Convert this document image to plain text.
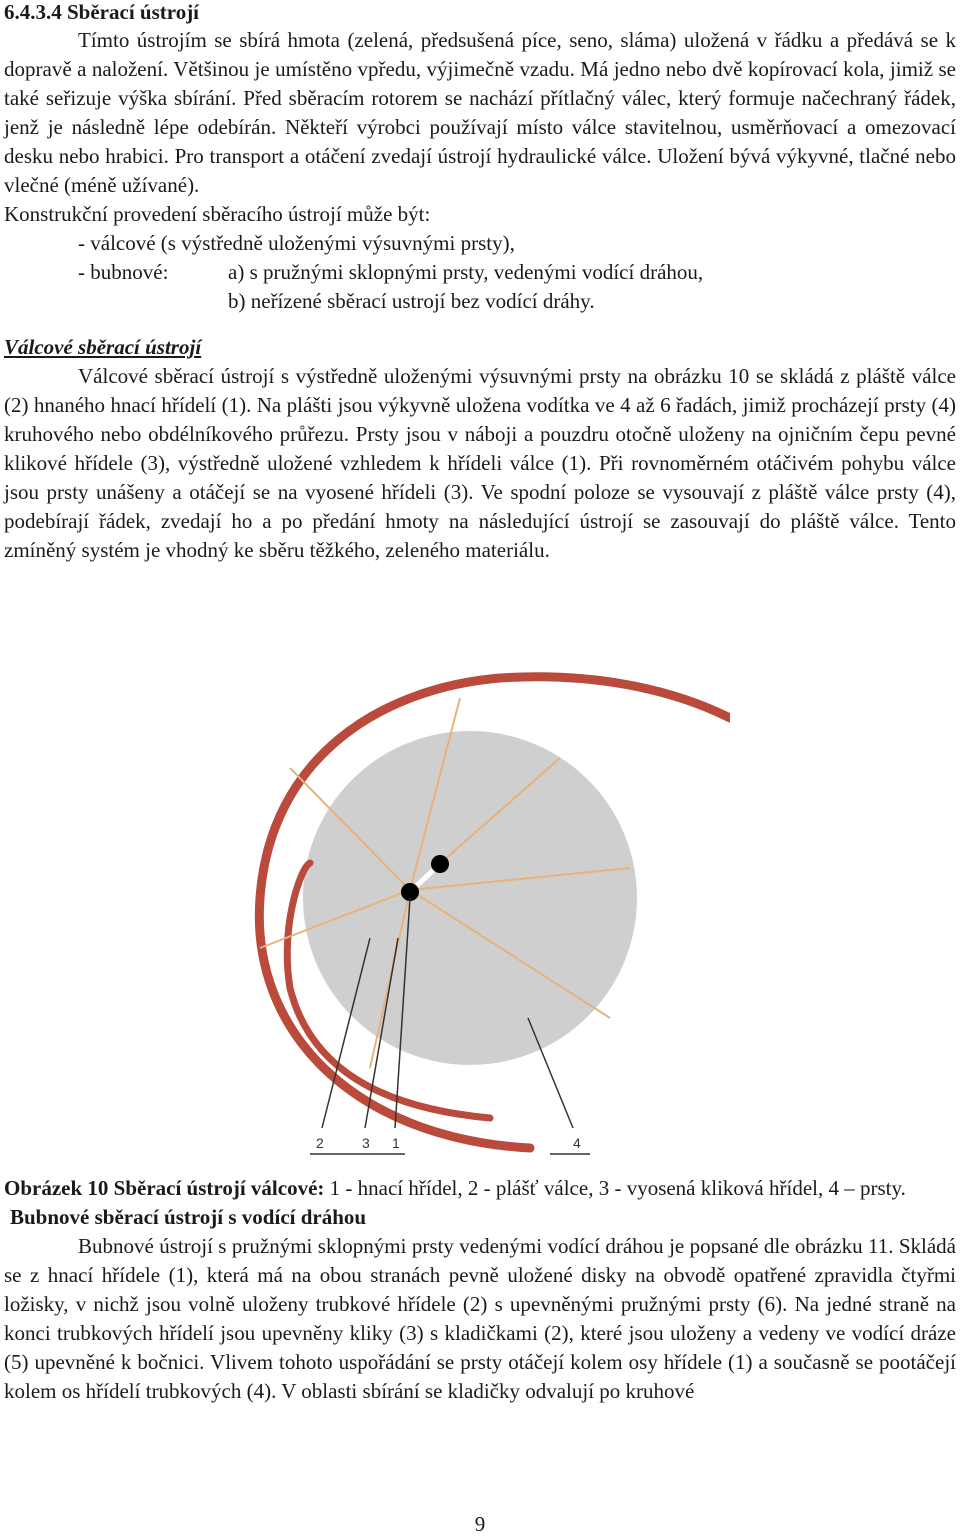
6.4.3.4 Sběrací ústrojí

Tímto ústrojím se sbírá hmota (zelená, předsušená píce, seno, sláma) uložená v řádku a předává se k dopravě a naložení. Většinou je umístěno vpředu, výjimečně vzadu. Má jedno nebo dvě kopírovací kola, jimiž se také seřizuje výška sbírání. Před sběracím rotorem se nachází přítlačný válec, který formuje načechraný řádek, jenž je následně lépe odebírán. Někteří výrobci používají místo válce stavitelnou, usměrňovací a omezovací desku nebo hrabici. Pro transport a otáčení zvedají ústrojí hydraulické válce. Uložení bývá výkyvné, tlačné nebo vlečné (méně užívané).

Konstrukční provedení sběracího ústrojí může být:

- válcové (s výstředně uloženými výsuvnými prsty),
- bubnové:	a) s pružnými sklopnými prsty, vedenými vodící dráhou,
b) neřízené sběrací ustrojí bez vodící dráhy.
Válcové sběrací ústrojí

Válcové sběrací ústrojí s výstředně uloženými výsuvnými prsty na obrázku 10 se skládá z pláště válce (2) hnaného hnací hřídelí (1). Na plášti jsou výkyvně uložena vodítka ve 4 až 6 řadách, jimiž procházejí prsty (4) kruhového nebo obdélníkového průřezu. Prsty jsou v náboji a pouzdru otočně uloženy na ojničním čepu pevné klikové hřídele (3), výstředně uložené vzhledem k hřídeli válce (1). Při rovnoměrném otáčivém pohybu válce jsou prsty unášeny a otáčejí se na vyosené hřídeli (3). Ve spodní poloze se vysouvají z pláště válce prsty (4), podebírají řádek, zvedají ho a po předání hmoty na následující ústrojí se zasouvají do pláště válce. Tento zmíněný systém je vhodný ke sběru těžkého, zeleného materiálu.

2	3 1	4
Obrázek 10 Sběrací ústrojí válcové: 1 - hnací hřídel, 2 - plášť válce, 3 - vyosená kliková hřídel, 4 – prsty.
Bubnové sběrací ústrojí s vodící dráhou

Bubnové ústrojí s pružnými sklopnými prsty vedenými vodící dráhou je popsané dle obrázku 11. Skládá se z hnací hřídele (1), která má na obou stranách pevně uložené disky na obvodě opatřené zpravidla čtyřmi ložisky, v nichž jsou volně uloženy trubkové hřídele (2) s upevněnými pružnými prsty (6). Na jedné straně na konci trubkových hřídelí jsou upevněny kliky (3) s kladičkami (2), které jsou uloženy a vedeny ve vodící dráze (5) upevněné k bočnici. Vlivem tohoto uspořádání se prsty otáčejí kolem osy hřídele (1) a současně se pootáčejí kolem os hřídelí trubkových (4). V oblasti sbírání se kladičky odvalují po kruhové

9
